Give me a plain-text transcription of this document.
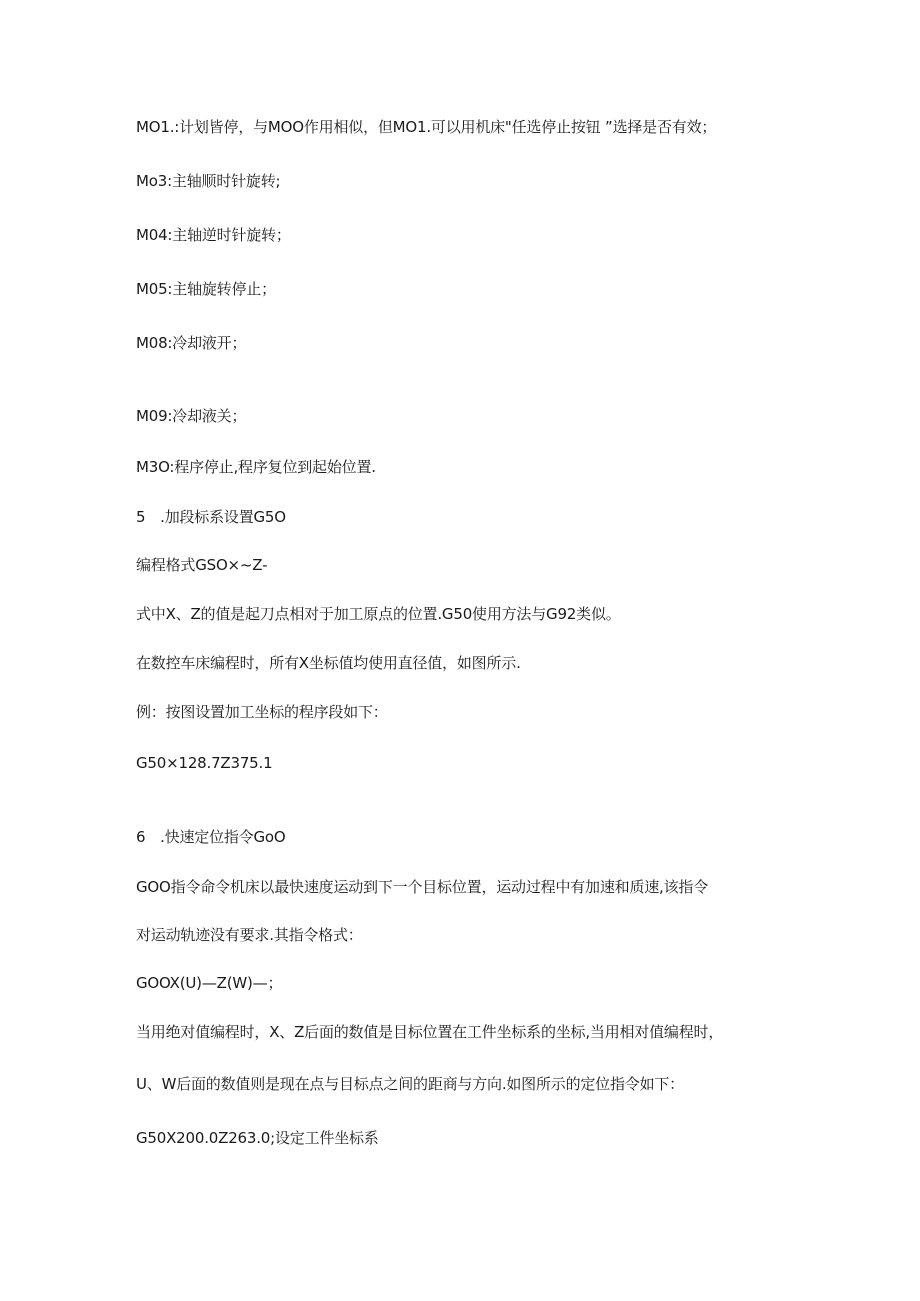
MO1.:计划皆停，与MOO作用相似，但MO1.可以用机床"任选停止按钮 ”选择是否有效；
Mo3:主轴顺时针旋转;
M04:主轴逆时针旋转；
M05:主轴旋转停止；
M08:冷却液开；
M09:冷却液关；
M3O:程序停止,程序复位到起始位置.
5　.加段标系设置G5O
编程格式GSO×~Z-
式中X、Z的值是起刀点相对于加工原点的位置.G50使用方法与G92类似。
在数控车床编程时，所有X坐标值均使用直径值，如图所示.
例：按图设置加工坐标的程序段如下：
G50×128.7Z375.1
6　.快速定位指令GoO
GOO指令命令机床以最快速度运动到下一个目标位置，运动过程中有加速和质速,该指令
对运动轨迹没有要求.其指令格式：
GOOX(U)—Z(W)—；
当用绝对值编程时，X、Z后面的数值是目标位置在工件坐标系的坐标,当用相对值编程时，
U、W后面的数值则是现在点与目标点之间的距商与方向.如图所示的定位指令如下：
G50X200.0Z263.0;设定工件坐标系
